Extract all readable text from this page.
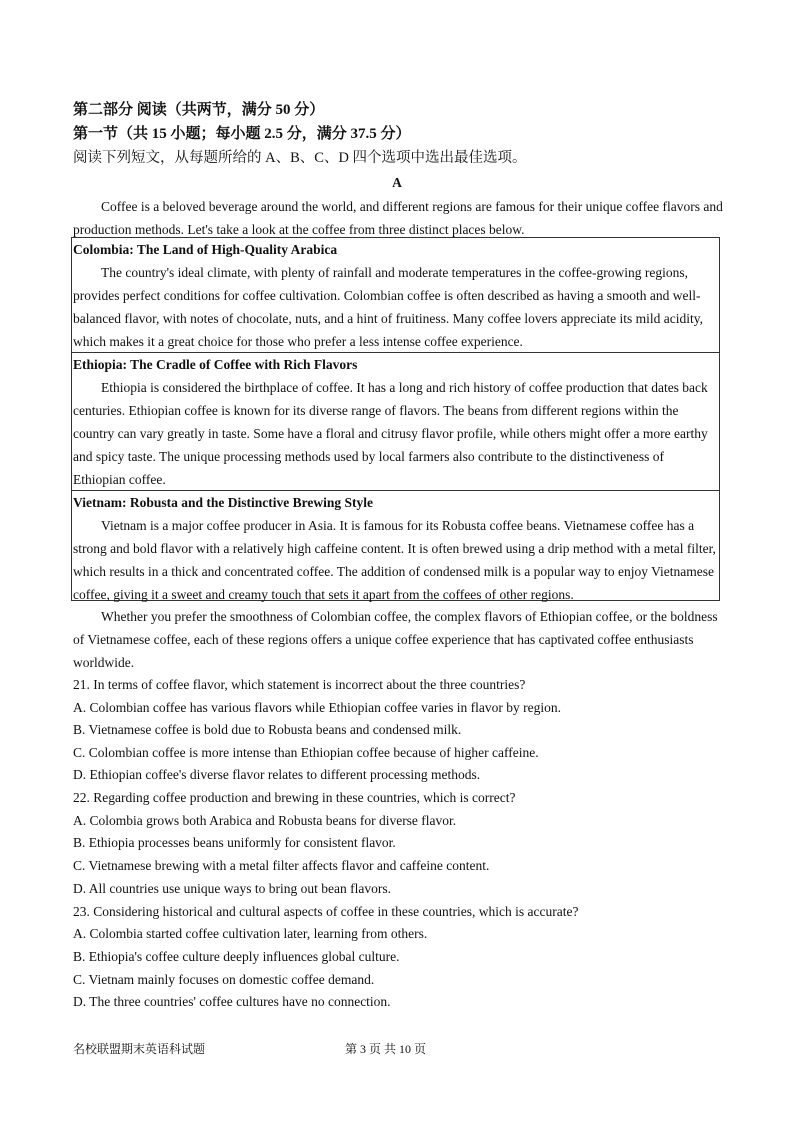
第二部分 阅读（共两节，满分 50 分）
第一节（共 15 小题；每小题 2.5 分，满分 37.5 分）
阅读下列短文，从每题所给的 A、B、C、D 四个选项中选出最佳选项。
A
Coffee is a beloved beverage around the world, and different regions are famous for their unique coffee flavors and production methods. Let's take a look at the coffee from three distinct places below.
Colombia: The Land of High-Quality Arabica
The country's ideal climate, with plenty of rainfall and moderate temperatures in the coffee-growing regions, provides perfect conditions for coffee cultivation. Colombian coffee is often described as having a smooth and well-balanced flavor, with notes of chocolate, nuts, and a hint of fruitiness. Many coffee lovers appreciate its mild acidity, which makes it a great choice for those who prefer a less intense coffee experience.
Ethiopia: The Cradle of Coffee with Rich Flavors
Ethiopia is considered the birthplace of coffee. It has a long and rich history of coffee production that dates back centuries. Ethiopian coffee is known for its diverse range of flavors. The beans from different regions within the country can vary greatly in taste. Some have a floral and citrusy flavor profile, while others might offer a more earthy and spicy taste. The unique processing methods used by local farmers also contribute to the distinctiveness of Ethiopian coffee.
Vietnam: Robusta and the Distinctive Brewing Style
Vietnam is a major coffee producer in Asia. It is famous for its Robusta coffee beans. Vietnamese coffee has a strong and bold flavor with a relatively high caffeine content. It is often brewed using a drip method with a metal filter, which results in a thick and concentrated coffee. The addition of condensed milk is a popular way to enjoy Vietnamese coffee, giving it a sweet and creamy touch that sets it apart from the coffees of other regions.
Whether you prefer the smoothness of Colombian coffee, the complex flavors of Ethiopian coffee, or the boldness of Vietnamese coffee, each of these regions offers a unique coffee experience that has captivated coffee enthusiasts worldwide.
21. In terms of coffee flavor, which statement is incorrect about the three countries?
A. Colombian coffee has various flavors while Ethiopian coffee varies in flavor by region.
B. Vietnamese coffee is bold due to Robusta beans and condensed milk.
C. Colombian coffee is more intense than Ethiopian coffee because of higher caffeine.
D. Ethiopian coffee's diverse flavor relates to different processing methods.
22. Regarding coffee production and brewing in these countries, which is correct?
A. Colombia grows both Arabica and Robusta beans for diverse flavor.
B. Ethiopia processes beans uniformly for consistent flavor.
C. Vietnamese brewing with a metal filter affects flavor and caffeine content.
D. All countries use unique ways to bring out bean flavors.
23. Considering historical and cultural aspects of coffee in these countries, which is accurate?
A. Colombia started coffee cultivation later, learning from others.
B. Ethiopia's coffee culture deeply influences global culture.
C. Vietnam mainly focuses on domestic coffee demand.
D. The three countries' coffee cultures have no connection.
名校联盟期末英语科试题	第 3 页 共 10 页
